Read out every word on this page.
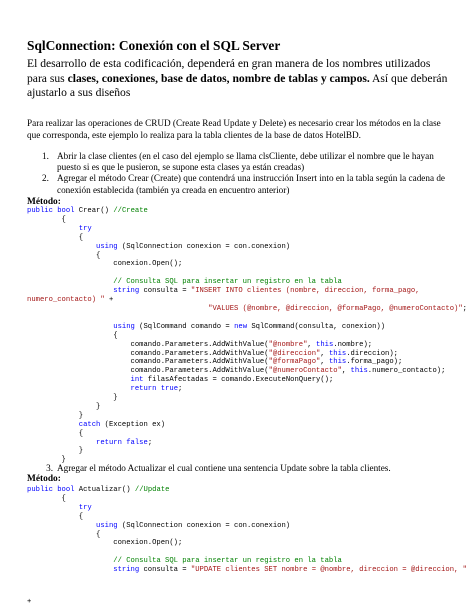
SqlConnection: Conexión con el SQL Server
El desarrollo de esta codificación, dependerá en gran manera de los nombres utilizados para sus clases, conexiones, base de datos, nombre de tablas y campos. Así que deberán ajustarlo a sus diseños
Para realizar las operaciones de CRUD (Create Read Update y Delete) es necesario crear los métodos en la clase que corresponda, este ejemplo lo realiza para la tabla clientes de la base de datos HotelBD.
1. Abrir la clase clientes (en el caso del ejemplo se llama clsCliente, debe utilizar el nombre que le hayan puesto si es que le pusieron, se supone esta clases ya están creadas)
2. Agregar el método Crear (Create) que contendrá una instrucción Insert into en la tabla según la cadena de conexión establecida (también ya creada en encuentro anterior)
Método:
public bool Crear() //Create
{
try
{
using (SqlConnection conexion = con.conexion)
{
conexion.Open();

// Consulta SQL para insertar un registro en la tabla
string consulta = "INSERT INTO clientes (nombre, direccion, forma_pago,
numero_contacto) " +
"VALUES (@nombre, @direccion, @formaPago, @numeroContacto)";

using (SqlCommand comando = new SqlCommand(consulta, conexion))
{
comando.Parameters.AddWithValue("@nombre", this.nombre);
comando.Parameters.AddWithValue("@direccion", this.direccion);
comando.Parameters.AddWithValue("@formaPago", this.forma_pago);
comando.Parameters.AddWithValue("@numeroContacto", this.numero_contacto);
int filasAfectadas = comando.ExecuteNonQuery();
return true;
}
}
}
catch (Exception ex)
{
return false;
}
}
3. Agregar el método Actualizar el cual contiene una sentencia Update sobre la tabla clientes.
Método:
public bool Actualizar() //Update
{
try
{
using (SqlConnection conexion = con.conexion)
{
conexion.Open();

// Consulta SQL para insertar un registro en la tabla
string consulta = "UPDATE clientes SET nombre = @nombre, direccion = @direccion, "
+
